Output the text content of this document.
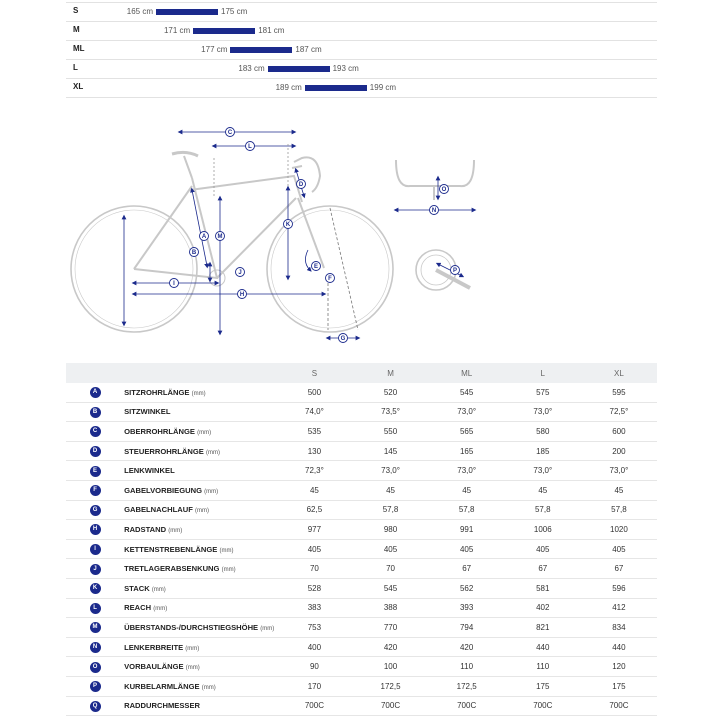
S	165 cm	175 cm
M	171 cm	181 cm
ML	177 cm	187 cm
L	183 cm	193 cm
XL	189 cm	199 cm
A
B
C
D
E
F
G
H
I
J
K
L
M
N
O
P
		S	M	ML	L	XL
A	SITZROHRLÄNGE (mm)	500	520	545	575	595
B	SITZWINKEL	74,0°	73,5°	73,0°	73,0°	72,5°
C	OBERROHRLÄNGE (mm)	535	550	565	580	600
D	STEUERROHRLÄNGE (mm)	130	145	165	185	200
E	LENKWINKEL	72,3°	73,0°	73,0°	73,0°	73,0°
F	GABELVORBIEGUNG (mm)	45	45	45	45	45
G	GABELNACHLAUF (mm)	62,5	57,8	57,8	57,8	57,8
H	RADSTAND (mm)	977	980	991	1006	1020
I	KETTENSTREBENLÄNGE (mm)	405	405	405	405	405
J	TRETLAGERABSENKUNG (mm)	70	70	67	67	67
K	STACK (mm)	528	545	562	581	596
L	REACH (mm)	383	388	393	402	412
M	ÜBERSTANDS-/DURCHSTIEGSHÖHE (mm)	753	770	794	821	834
N	LENKERBREITE (mm)	400	420	420	440	440
O	VORBAULÄNGE (mm)	90	100	110	110	120
P	KURBELARMLÄNGE (mm)	170	172,5	172,5	175	175
Q	RADDURCHMESSER	700C	700C	700C	700C	700C
